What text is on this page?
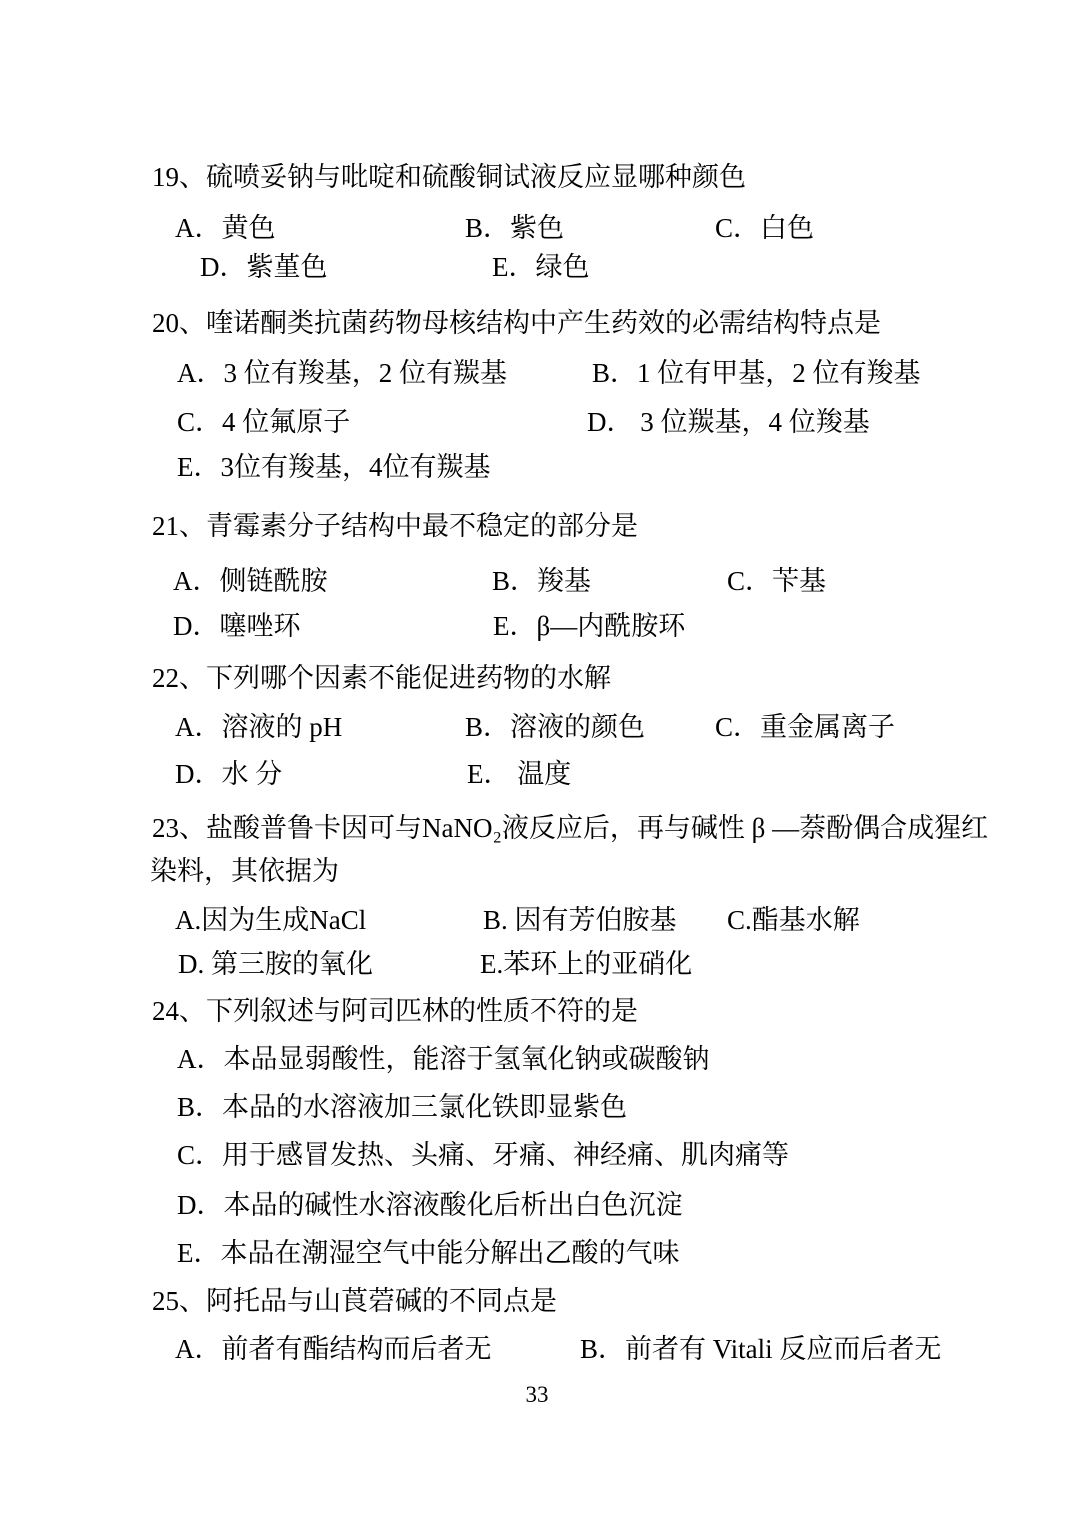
19、硫喷妥钠与吡啶和硫酸铜试液反应显哪种颜色
A．黄色	B．紫色	C．白色
D．紫堇色	E．绿色
20、喹诺酮类抗菌药物母核结构中产生药效的必需结构特点是
A．3 位有羧基，2 位有羰基	B．1 位有甲基，2 位有羧基
C．4 位氟原子	D． 3 位羰基，4 位羧基
E．3位有羧基，4位有羰基
21、青霉素分子结构中最不稳定的部分是
A．侧链酰胺	B．羧基	C．苄基
D．噻唑环	E．β—内酰胺环
22、下列哪个因素不能促进药物的水解
A．溶液的 pH	B．溶液的颜色	C．重金属离子
D．水 分	E． 温度
23、盐酸普鲁卡因可与NaNO₂液反应后，再与碱性 β —萘酚偶合成猩红
染料，其依据为
A.因为生成NaCl	B. 因有芳伯胺基 C.酯基水解
D. 第三胺的氧化	E.苯环上的亚硝化
24、下列叙述与阿司匹林的性质不符的是
A．本品显弱酸性，能溶于氢氧化钠或碳酸钠
B．本品的水溶液加三氯化铁即显紫色
C．用于感冒发热、头痛、牙痛、神经痛、肌肉痛等
D．本品的碱性水溶液酸化后析出白色沉淀
E．本品在潮湿空气中能分解出乙酸的气味
25、阿托品与山莨菪碱的不同点是
A．前者有酯结构而后者无	B．前者有 Vitali 反应而后者无
33
